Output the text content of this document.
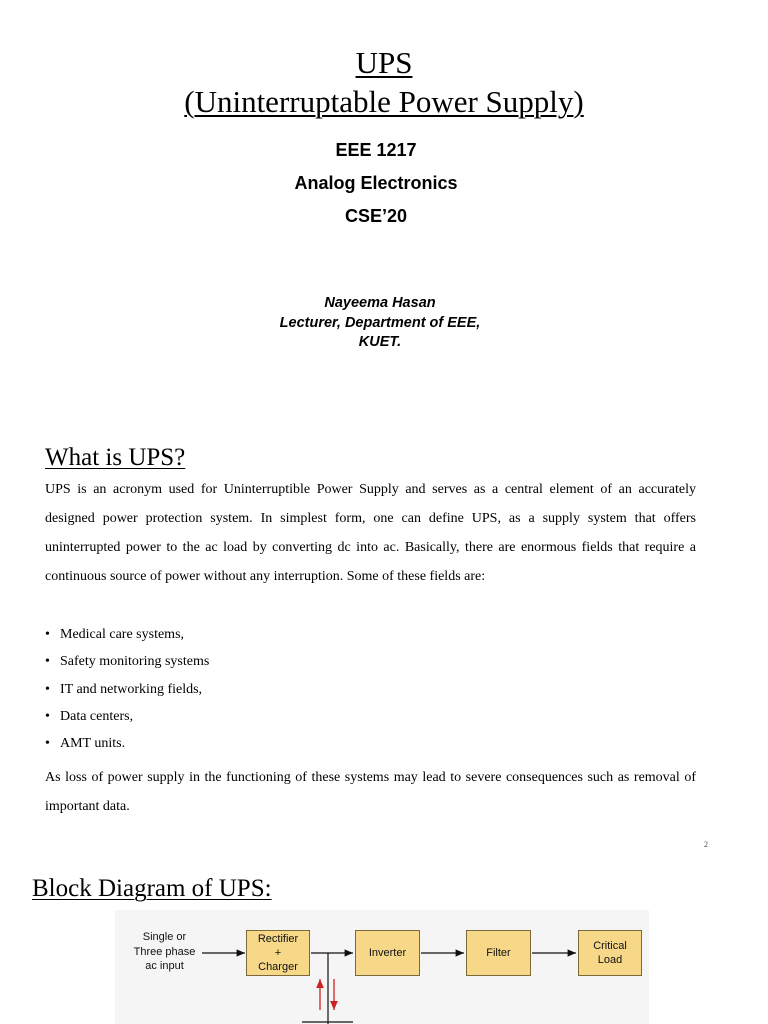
UPS
(Uninterruptable Power Supply)
EEE 1217
Analog Electronics
CSE’20
Nayeema Hasan
Lecturer, Department of EEE,
KUET.
What is UPS?
UPS is an acronym used for Uninterruptible Power Supply and serves as a central element of an accurately designed power protection system. In simplest form, one can define UPS, as a supply system that offers uninterrupted power to the ac load by converting dc into ac. Basically, there are enormous fields that require a continuous source of power without any interruption. Some of these fields are:
• Medical care systems,
• Safety monitoring systems
• IT and networking fields,
• Data centers,
• AMT units.
As loss of power supply in the functioning of these systems may lead to severe consequences such as removal of important data.
2
Block Diagram of UPS:
Single or
Three phase
ac input
Rectifier
+
Charger
Inverter	Filter
Critical
Load
